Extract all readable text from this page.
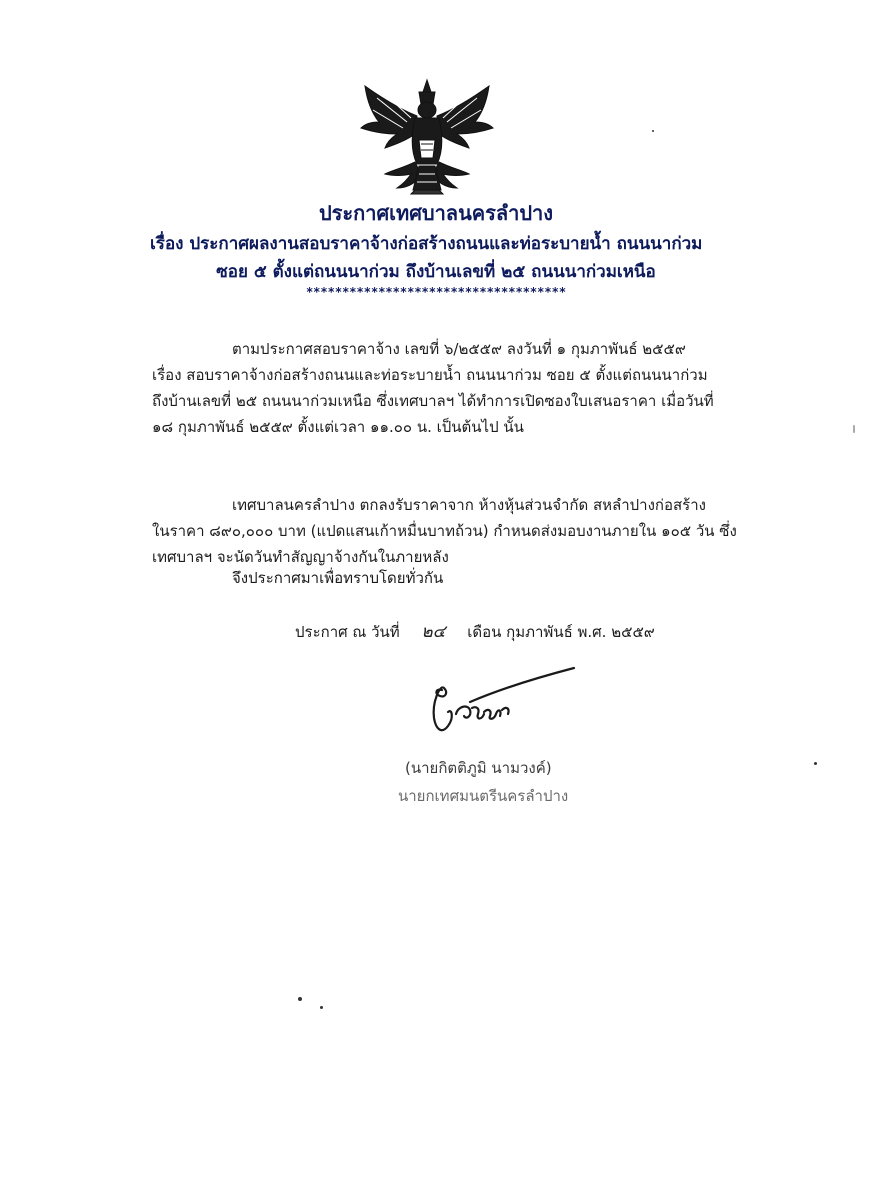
ประกาศเทศบาลนครลำปาง
เรื่อง ประกาศผลงานสอบราคาจ้างก่อสร้างถนนและท่อระบายน้ำ ถนนนาก่วม
ซอย ๕ ตั้งแต่ถนนนาก่วม ถึงบ้านเลขที่ ๒๕ ถนนนาก่วมเหนือ
************************************
ตามประกาศสอบราคาจ้าง เลขที่ ๖/๒๕๕๙ ลงวันที่ ๑ กุมภาพันธ์ ๒๕๕๙
เรื่อง สอบราคาจ้างก่อสร้างถนนและท่อระบายน้ำ ถนนนาก่วม ซอย ๕ ตั้งแต่ถนนนาก่วม
ถึงบ้านเลขที่ ๒๕ ถนนนาก่วมเหนือ ซึ่งเทศบาลฯ ได้ทำการเปิดซองใบเสนอราคา เมื่อวันที่
๑๘ กุมภาพันธ์ ๒๕๕๙ ตั้งแต่เวลา ๑๑.๐๐ น. เป็นต้นไป นั้น
เทศบาลนครลำปาง ตกลงรับราคาจาก ห้างหุ้นส่วนจำกัด สหลำปางก่อสร้าง
ในราคา ๘๙๐,๐๐๐ บาท (แปดแสนเก้าหมื่นบาทถ้วน) กำหนดส่งมอบงานภายใน ๑๐๕ วัน ซึ่ง
เทศบาลฯ จะนัดวันทำสัญญาจ้างกันในภายหลัง
จึงประกาศมาเพื่อทราบโดยทั่วกัน
ประกาศ ณ วันที่ ๒๔ เดือน กุมภาพันธ์ พ.ศ. ๒๕๕๙
(นายกิตติภูมิ นามวงค์)
นายกเทศมนตรีนครลำปาง
